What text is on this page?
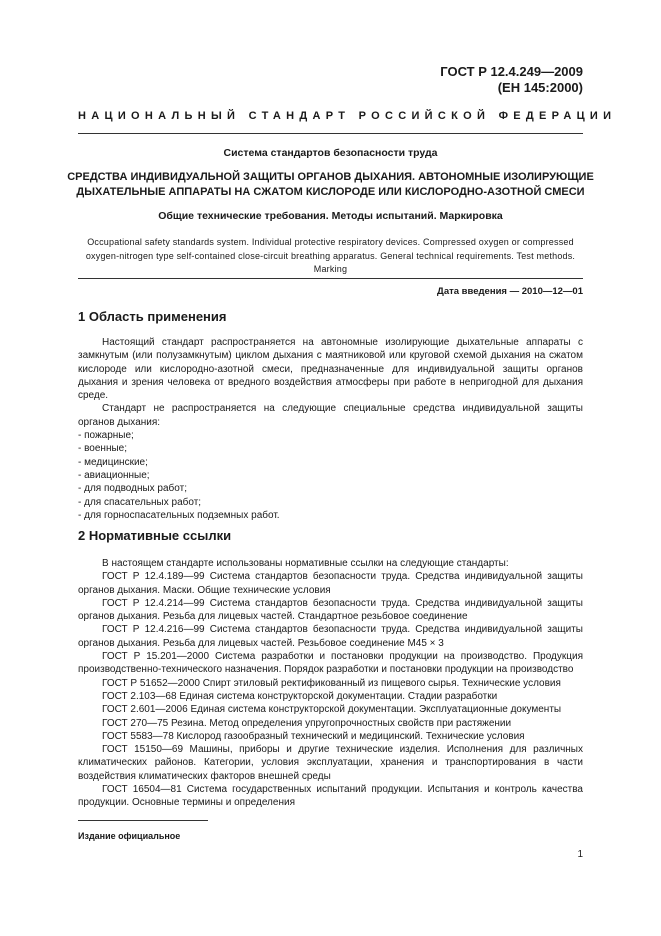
ГОСТ Р 12.4.249—2009
(ЕН 145:2000)
НАЦИОНАЛЬНЫЙ СТАНДАРТ РОССИЙСКОЙ ФЕДЕРАЦИИ
Система стандартов безопасности труда
СРЕДСТВА ИНДИВИДУАЛЬНОЙ ЗАЩИТЫ ОРГАНОВ ДЫХАНИЯ. АВТОНОМНЫЕ ИЗОЛИРУЮЩИЕ
ДЫХАТЕЛЬНЫЕ АППАРАТЫ НА СЖАТОМ КИСЛОРОДЕ ИЛИ КИСЛОРОДНО-АЗОТНОЙ СМЕСИ
Общие технические требования. Методы испытаний. Маркировка
Occupational safety standards system. Individual protective respiratory devices. Compressed oxygen or compressed
oxygen-nitrogen type self-contained close-circuit breathing apparatus. General technical requirements. Test methods.
Marking
Дата введения — 2010—12—01
1 Область применения

Настоящий стандарт распространяется на автономные изолирующие дыхательные аппараты с замкнутым (или полузамкнутым) циклом дыхания с маятниковой или круговой схемой дыхания на сжатом кислороде или кислородно-азотной смеси, предназначенные для индивидуальной защиты органов дыхания и зрения человека от вредного воздействия атмосферы при работе в непригодной для дыхания среде.

Стандарт не распространяется на следующие специальные средства индивидуальной защиты органов дыхания:

- пожарные;
- военные;
- медицинские;
- авиационные;
- для подводных работ;
- для спасательных работ;
- для горноспасательных подземных работ.
2 Нормативные ссылки

В настоящем стандарте использованы нормативные ссылки на следующие стандарты:

ГОСТ Р 12.4.189—99 Система стандартов безопасности труда. Средства индивидуальной защиты органов дыхания. Маски. Общие технические условия

ГОСТ Р 12.4.214—99 Система стандартов безопасности труда. Средства индивидуальной защиты органов дыхания. Резьба для лицевых частей. Стандартное резьбовое соединение

ГОСТ Р 12.4.216—99 Система стандартов безопасности труда. Средства индивидуальной защиты органов дыхания. Резьба для лицевых частей. Резьбовое соединение М45 × 3

ГОСТ Р 15.201—2000 Система разработки и постановки продукции на производство. Продукция производственно-технического назначения. Порядок разработки и постановки продукции на производство

ГОСТ Р 51652—2000 Спирт этиловый ректификованный из пищевого сырья. Технические условия

ГОСТ 2.103—68 Единая система конструкторской документации. Стадии разработки

ГОСТ 2.601—2006 Единая система конструкторской документации. Эксплуатационные документы

ГОСТ 270—75 Резина. Метод определения упругопрочностных свойств при растяжении

ГОСТ 5583—78 Кислород газообразный технический и медицинский. Технические условия

ГОСТ 15150—69 Машины, приборы и другие технические изделия. Исполнения для различных климатических районов. Категории, условия эксплуатации, хранения и транспортирования в части воздействия климатических факторов внешней среды

ГОСТ 16504—81 Система государственных испытаний продукции. Испытания и контроль качества продукции. Основные термины и определения

Издание официальное
1
